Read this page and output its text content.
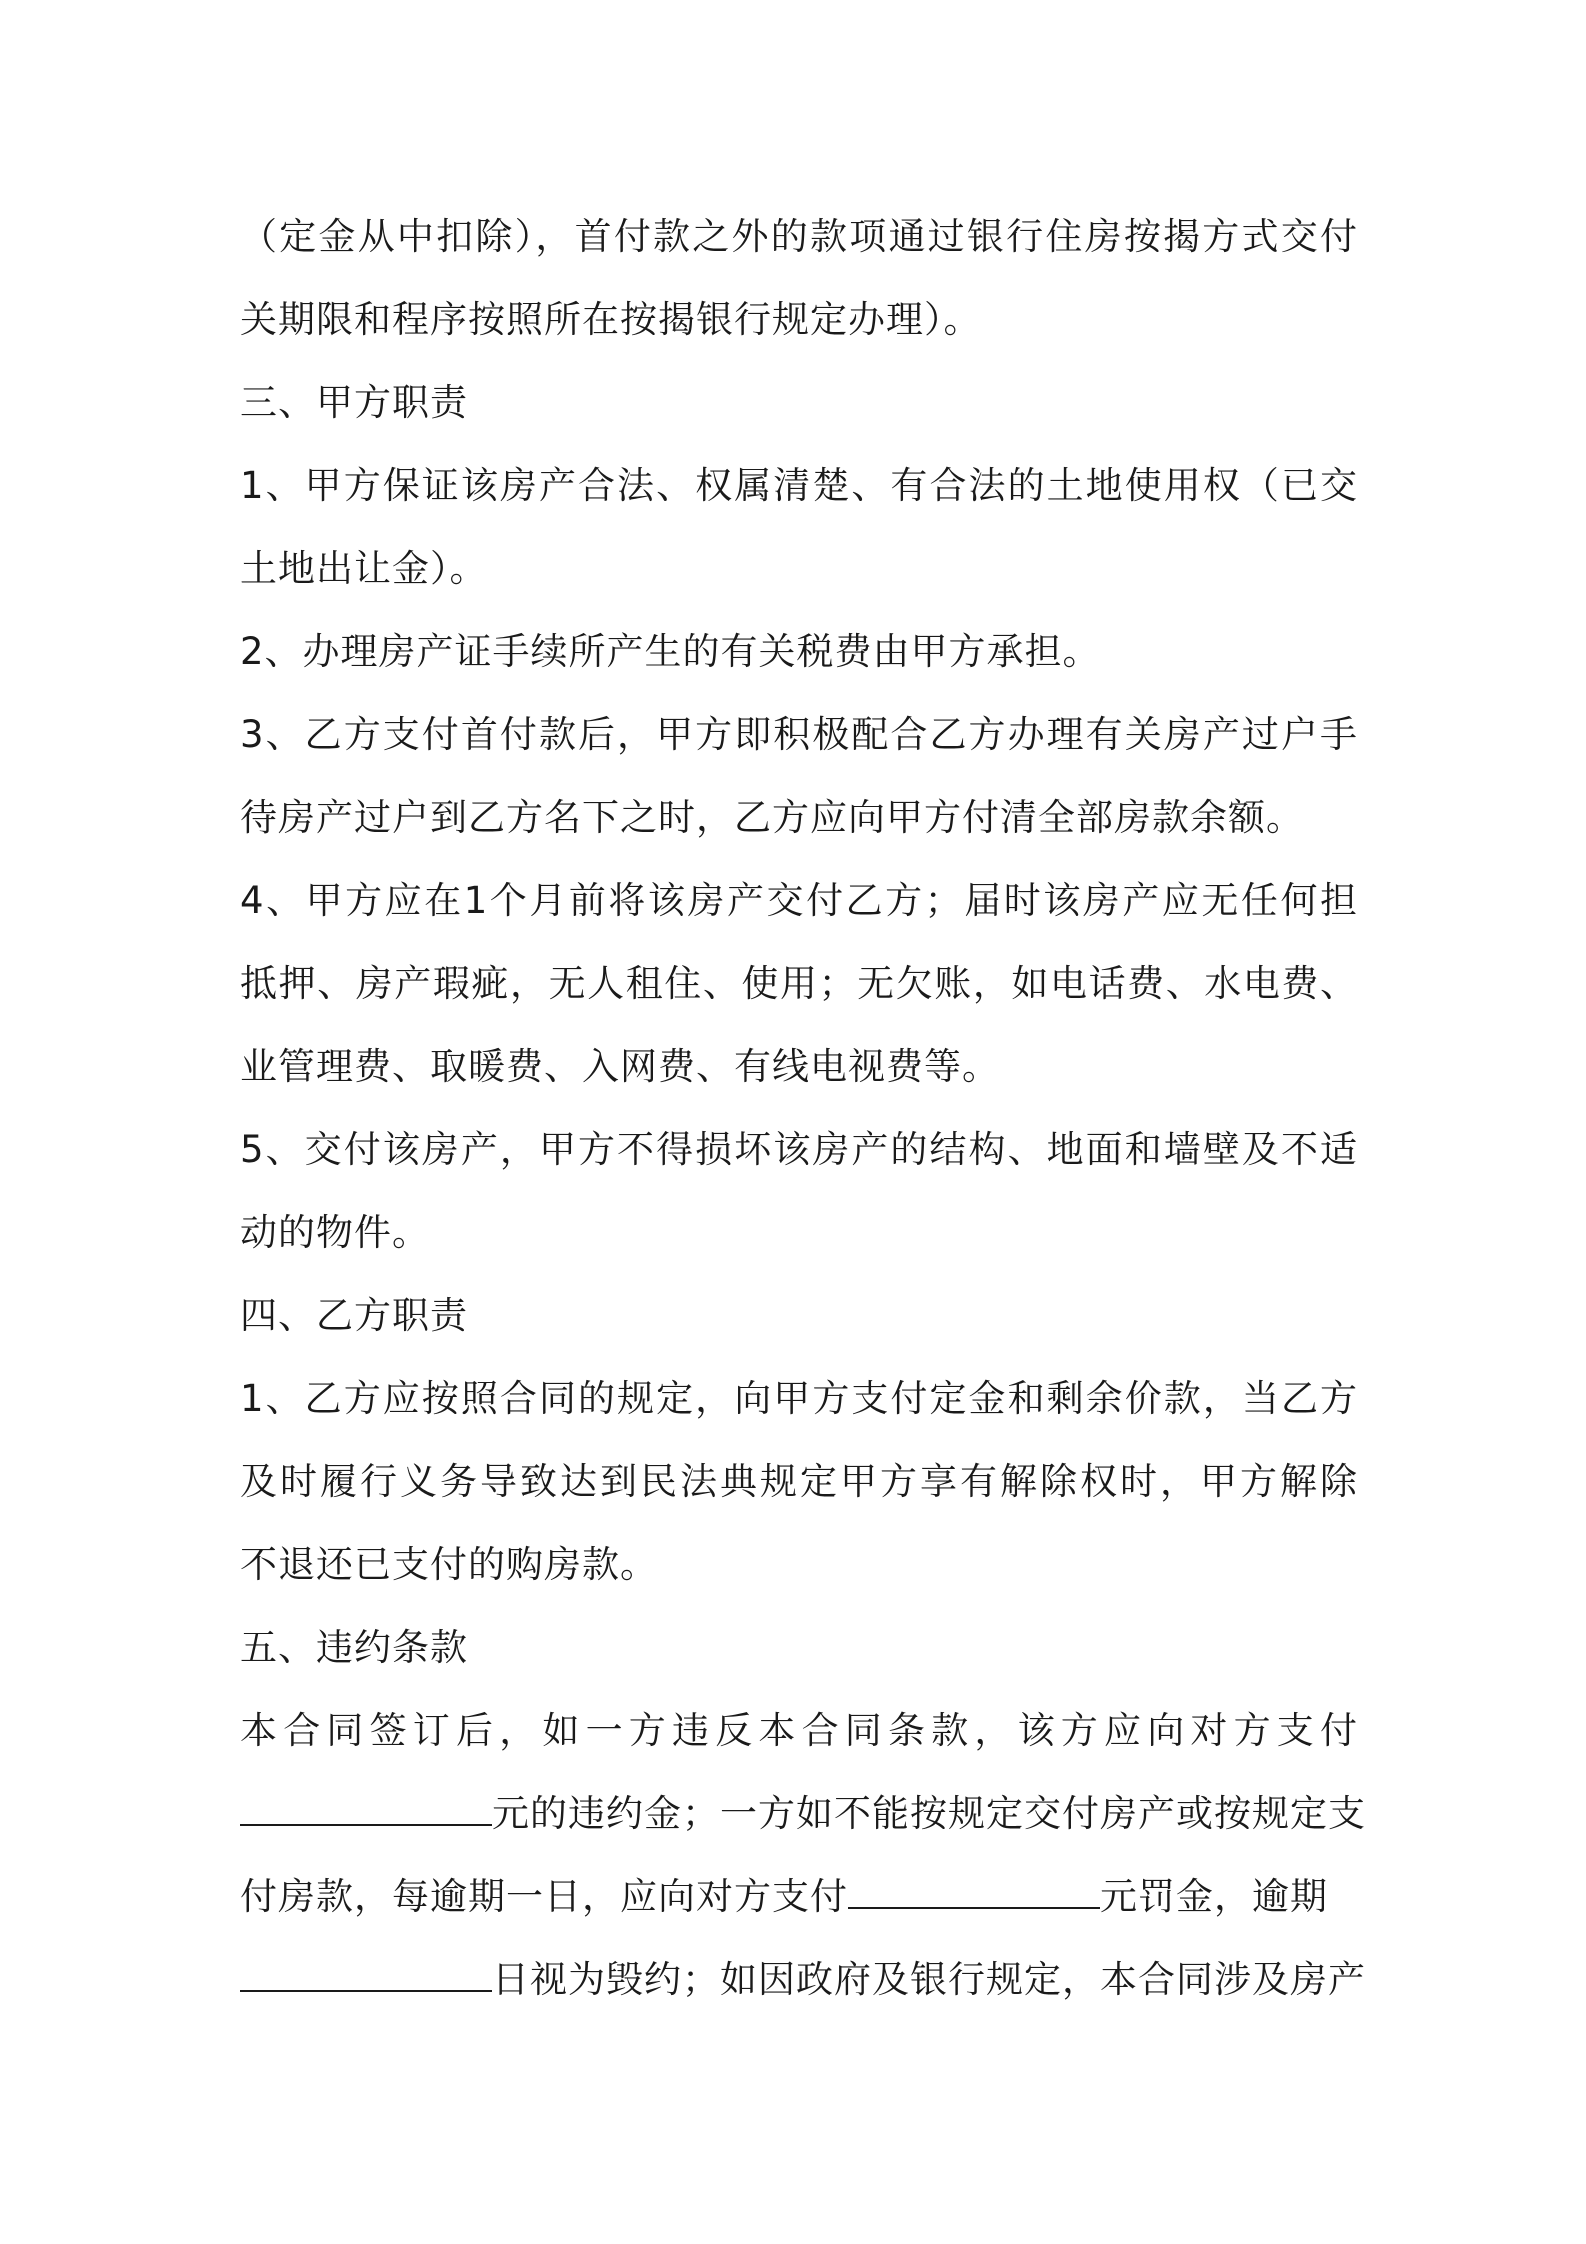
（定金从中扣除），首付款之外的款项通过银行住房按揭方式交付
关期限和程序按照所在按揭银行规定办理）。
三、甲方职责
1、甲方保证该房产合法、权属清楚、有合法的土地使用权（已交
土地出让金）。
2、办理房产证手续所产生的有关税费由甲方承担。
3、乙方支付首付款后，甲方即积极配合乙方办理有关房产过户手
待房产过户到乙方名下之时，乙方应向甲方付清全部房款余额。
4、甲方应在1个月前将该房产交付乙方；届时该房产应无任何担
抵押、房产瑕疵，无人租住、使用；无欠账，如电话费、水电费、
业管理费、取暖费、入网费、有线电视费等。
5、交付该房产，甲方不得损坏该房产的结构、地面和墙壁及不适
动的物件。
四、乙方职责
1、乙方应按照合同的规定，向甲方支付定金和剩余价款，当乙方
及时履行义务导致达到民法典规定甲方享有解除权时，甲方解除
不退还已支付的购房款。
五、违约条款
本合同签订后，如一方违反本合同条款，该方应向对方支付
元的违约金；一方如不能按规定交付房产或按规定支
付房款，每逾期一日，应向对方支付	元罚金，逾期
日视为毁约；如因政府及银行规定，本合同涉及房产
